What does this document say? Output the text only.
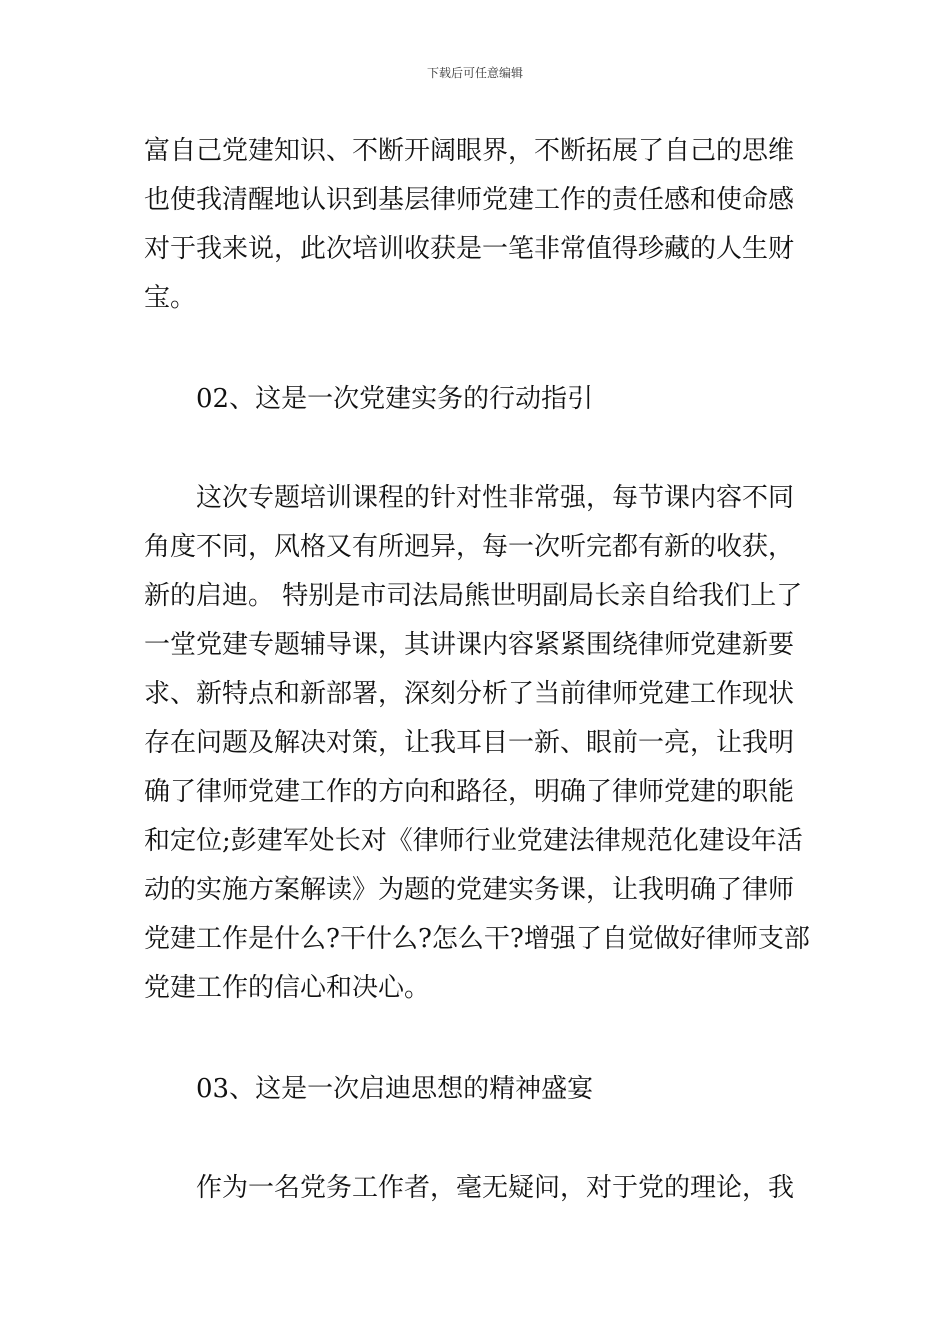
下载后可任意编辑
富自己党建知识、不断开阔眼界，不断拓展了自己的思维
也使我清醒地认识到基层律师党建工作的责任感和使命感
对于我来说，此次培训收获是一笔非常值得珍藏的人生财
宝。
02、这是一次党建实务的行动指引
这次专题培训课程的针对性非常强，每节课内容不同
角度不同，风格又有所迥异，每一次听完都有新的收获，
新的启迪。 特别是市司法局熊世明副局长亲自给我们上了
一堂党建专题辅导课，其讲课内容紧紧围绕律师党建新要
求、新特点和新部署，深刻分析了当前律师党建工作现状
存在问题及解决对策，让我耳目一新、眼前一亮，让我明
确了律师党建工作的方向和路径，明确了律师党建的职能
和定位;彭建军处长对《律师行业党建法律规范化建设年活
动的实施方案解读》为题的党建实务课，让我明确了律师
党建工作是什么?干什么?怎么干?增强了自觉做好律师支部
党建工作的信心和决心。
03、这是一次启迪思想的精神盛宴
作为一名党务工作者，毫无疑问，对于党的理论，我
